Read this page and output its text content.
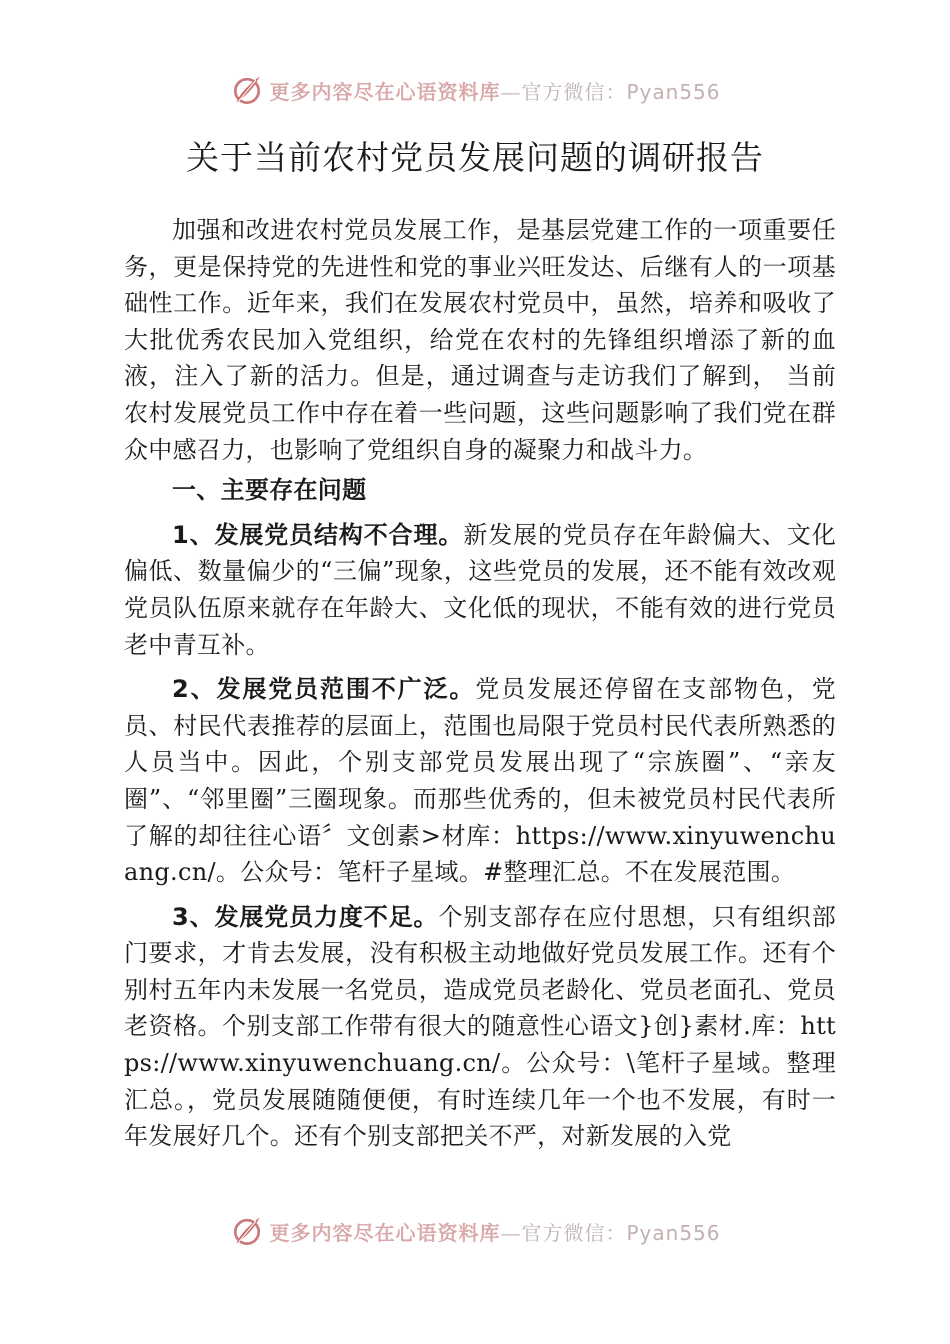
更多内容尽在心语资料库—官方微信：Pyan556
关于当前农村党员发展问题的调研报告

加强和改进农村党员发展工作，是基层党建工作的一项重要任务，更是保持党的先进性和党的事业兴旺发达、后继有人的一项基础性工作。近年来，我们在发展农村党员中，虽然，培养和吸收了大批优秀农民加入党组织，给党在农村的先锋组织增添了新的血液，注入了新的活力。但是，通过调查与走访我们了解到， 当前农村发展党员工作中存在着一些问题，这些问题影响了我们党在群众中感召力，也影响了党组织自身的凝聚力和战斗力。

一、主要存在问题

1、发展党员结构不合理。新发展的党员存在年龄偏大、文化偏低、数量偏少的“三偏”现象，这些党员的发展，还不能有效改观党员队伍原来就存在年龄大、文化低的现状，不能有效的进行党员老中青互补。

2、发展党员范围不广泛。党员发展还停留在支部物色，党员、村民代表推荐的层面上，范围也局限于党员村民代表所熟悉的人员当中。因此，个别支部党员发展出现了“宗族圈”、“亲友圈”、“邻里圈”三圈现象。而那些优秀的，但未被党员村民代表所了解的却往往心语〞文创素>材库：https://www.xinyuwenchuang.cn/。公众号：笔杆子星域。#整理汇总。不在发展范围。

3、发展党员力度不足。个别支部存在应付思想，只有组织部门要求，才肯去发展，没有积极主动地做好党员发展工作。还有个别村五年内未发展一名党员，造成党员老龄化、党员老面孔、党员老资格。个别支部工作带有很大的随意性心语文}创}素材.库：https://www.xinyuwenchuang.cn/。公众号：\笔杆子星域。整理汇总。，党员发展随随便便，有时连续几年一个也不发展，有时一年发展好几个。还有个别支部把关不严，对新发展的入党

更多内容尽在心语资料库—官方微信：Pyan556
